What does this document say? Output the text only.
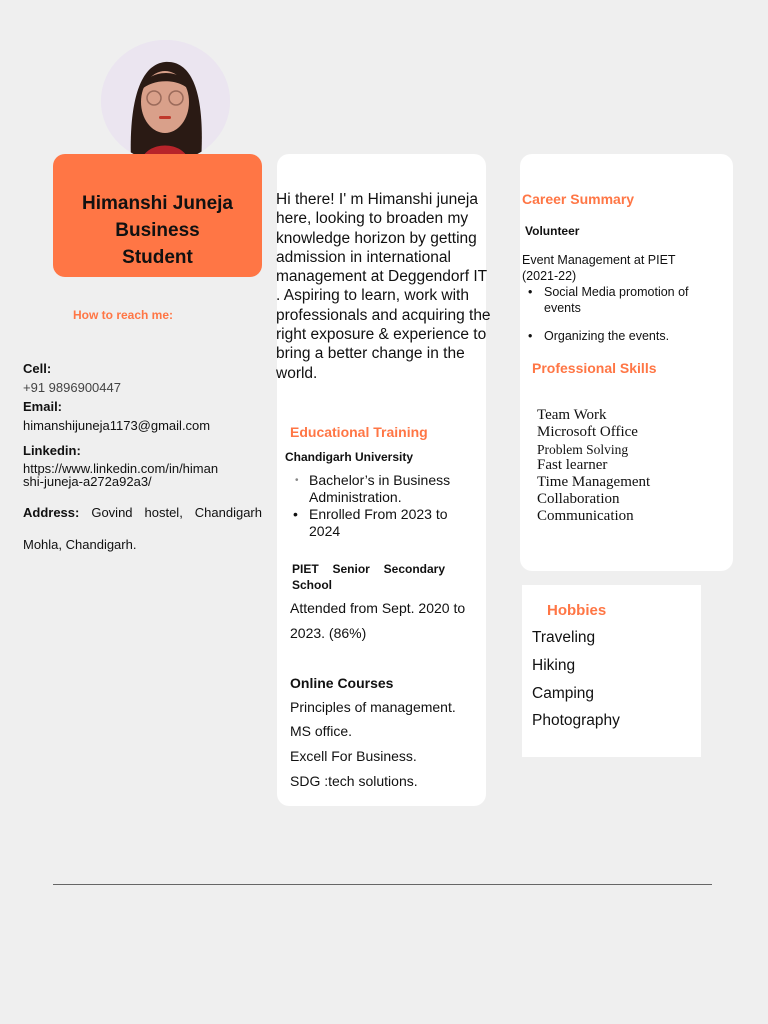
Himanshi Juneja
Business
Student
How to reach me:
Cell:
+91 9896900447
Email:
himanshijuneja1173@gmail.com
Linkedin:
https://www.linkedin.com/in/himan
shi-juneja-a272a92a3/
Address: Govind hostel, Chandigarh
Mohla, Chandigarh.
Hi there! I' m Himanshi juneja here, looking to broaden my knowledge horizon by getting admission in international management at Deggendorf IT . Aspiring to learn, work with professionals and acquiring the right exposure & experience to bring a better change in the world.
Educational Training
Chandigarh University
• Bachelor’s in Business Administration.
• Enrolled From 2023 to 2024
PIET Senior Secondary
School
Attended from Sept. 2020 to
2023. (86%)
Online Courses
Principles of management.
MS office.
Excell For Business.
SDG :tech solutions.
Career Summary
Volunteer
Event Management at PIET (2021-22)
• Social Media promotion of events
• Organizing the events.
Professional Skills
Team Work
Microsoft Office
Problem Solving
Fast learner
Time Management
Collaboration
Communication
Hobbies
Traveling
Hiking
Camping
Photography
